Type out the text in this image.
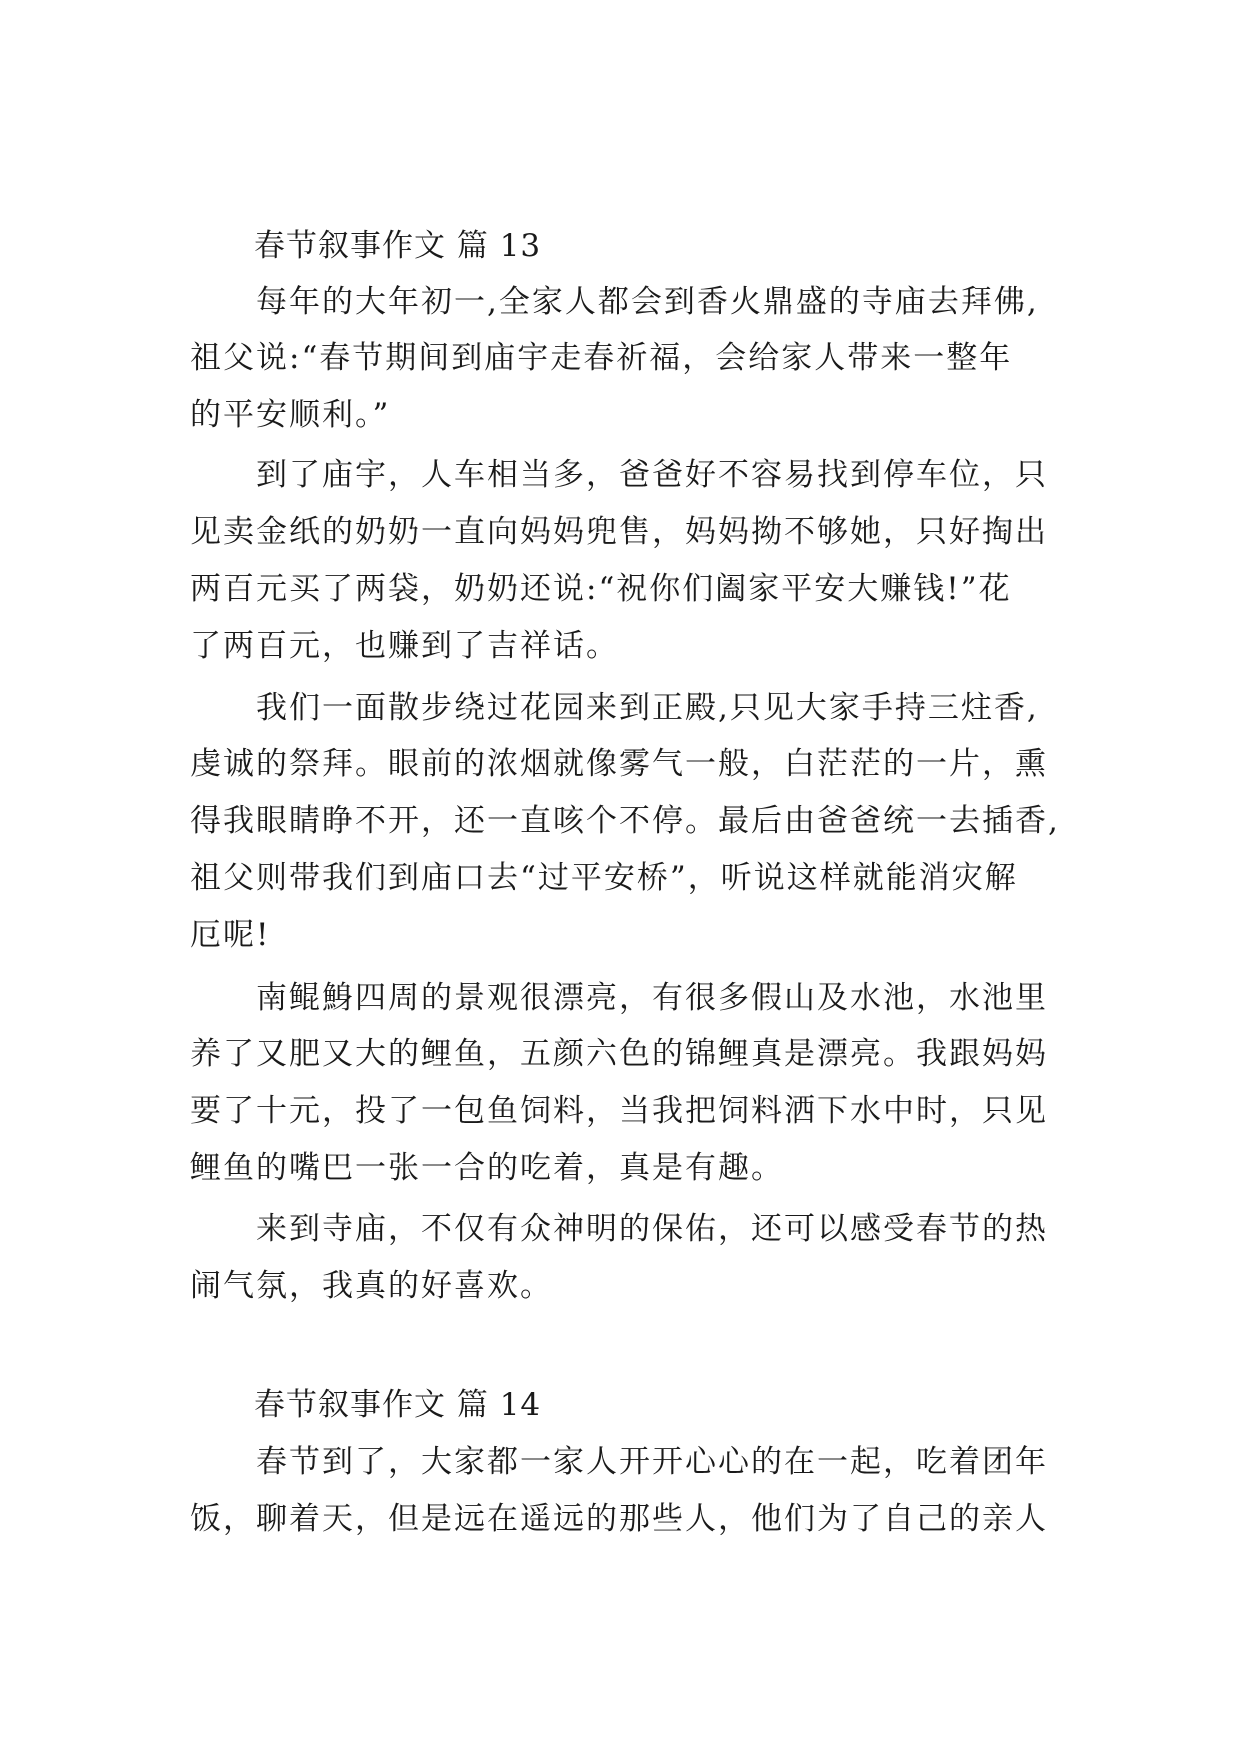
春节叙事作文 篇 13
每年的大年初一,全家人都会到香火鼎盛的寺庙去拜佛,
祖父说:“春节期间到庙宇走春祈福，会给家人带来一整年
的平安顺利。”
到了庙宇，人车相当多，爸爸好不容易找到停车位，只
见卖金纸的奶奶一直向妈妈兜售，妈妈拗不够她，只好掏出
两百元买了两袋，奶奶还说:“祝你们阖家平安大赚钱!”花
了两百元，也赚到了吉祥话。
我们一面散步绕过花园来到正殿,只见大家手持三炷香,
虔诚的祭拜。眼前的浓烟就像雾气一般，白茫茫的一片，熏
得我眼睛睁不开，还一直咳个不停。最后由爸爸统一去插香,
祖父则带我们到庙口去“过平安桥”，听说这样就能消灾解
厄呢!
南鲲鯓四周的景观很漂亮，有很多假山及水池，水池里
养了又肥又大的鲤鱼，五颜六色的锦鲤真是漂亮。我跟妈妈
要了十元，投了一包鱼饲料，当我把饲料洒下水中时，只见
鲤鱼的嘴巴一张一合的吃着，真是有趣。
来到寺庙，不仅有众神明的保佑，还可以感受春节的热
闹气氛，我真的好喜欢。
春节叙事作文 篇 14
春节到了，大家都一家人开开心心的在一起，吃着团年
饭，聊着天，但是远在遥远的那些人，他们为了自己的亲人
